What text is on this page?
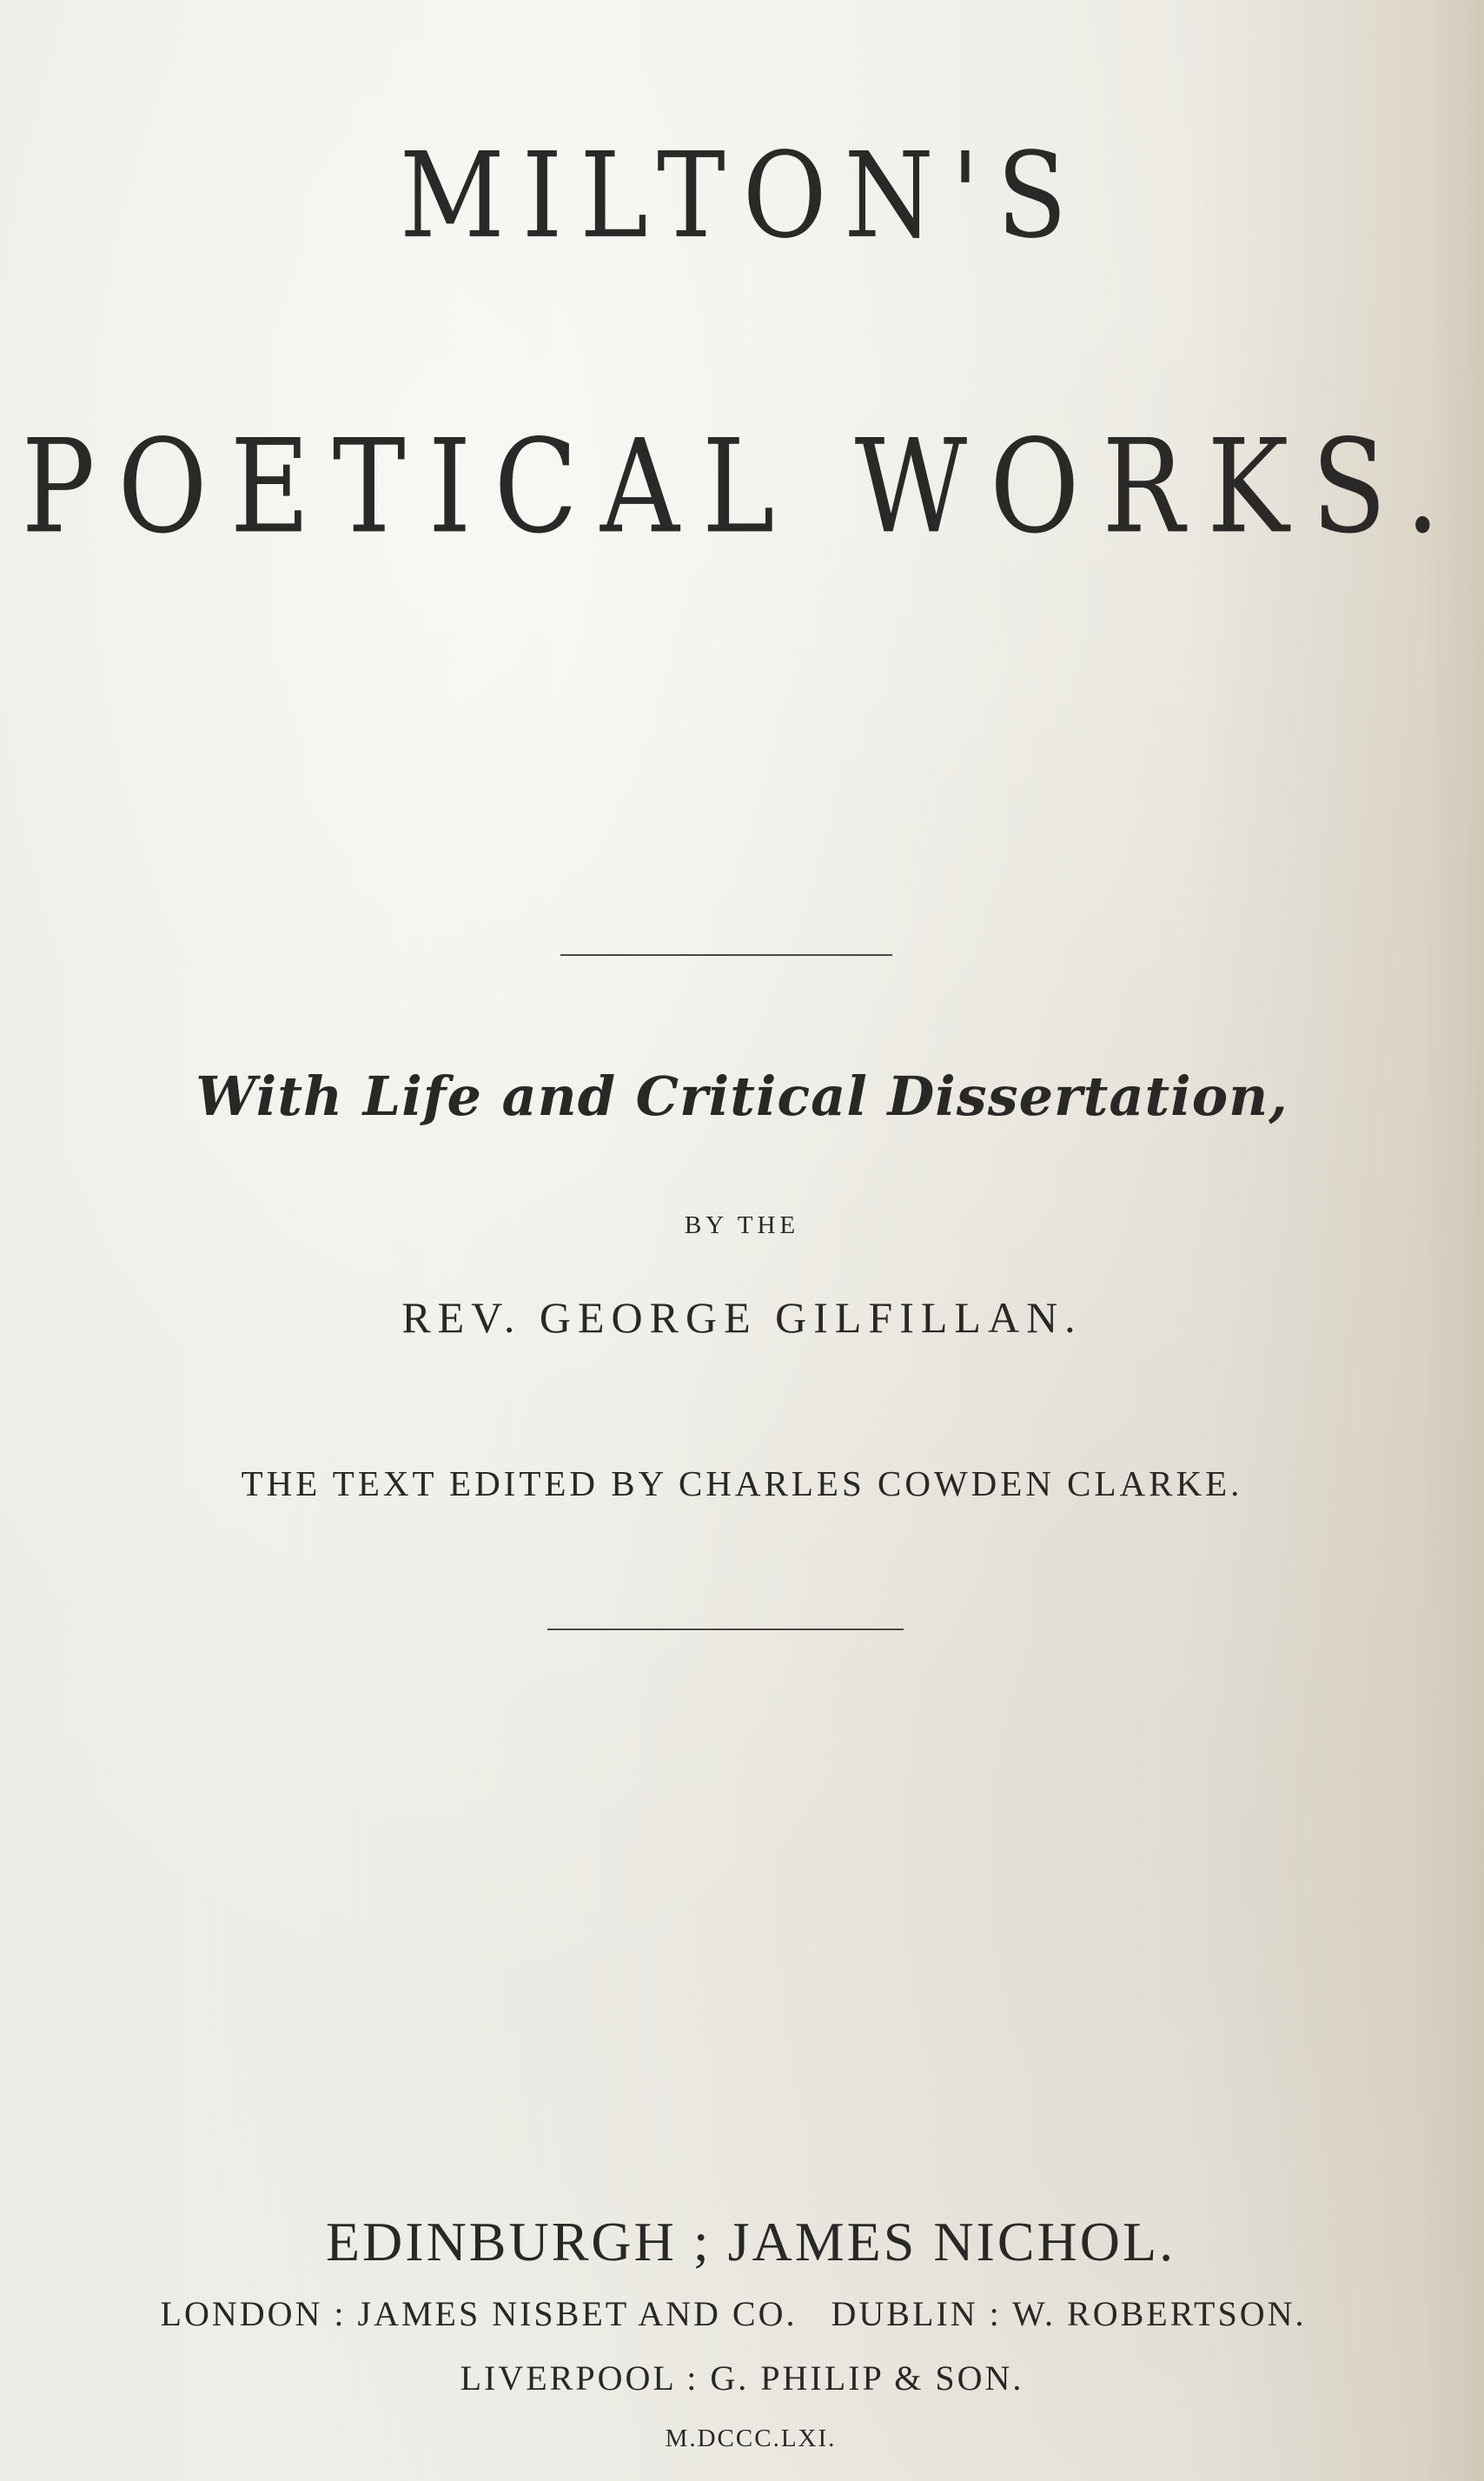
MILTON'S
POETICAL WORKS.
With Life and Critical Dissertation,
BY THE
REV. GEORGE GILFILLAN.
THE TEXT EDITED BY CHARLES COWDEN CLARKE.
EDINBURGH ; JAMES NICHOL.
LONDON : JAMES NISBET AND CO.   DUBLIN : W. ROBERTSON.
LIVERPOOL : G. PHILIP & SON.
M.DCCC.LXI.
